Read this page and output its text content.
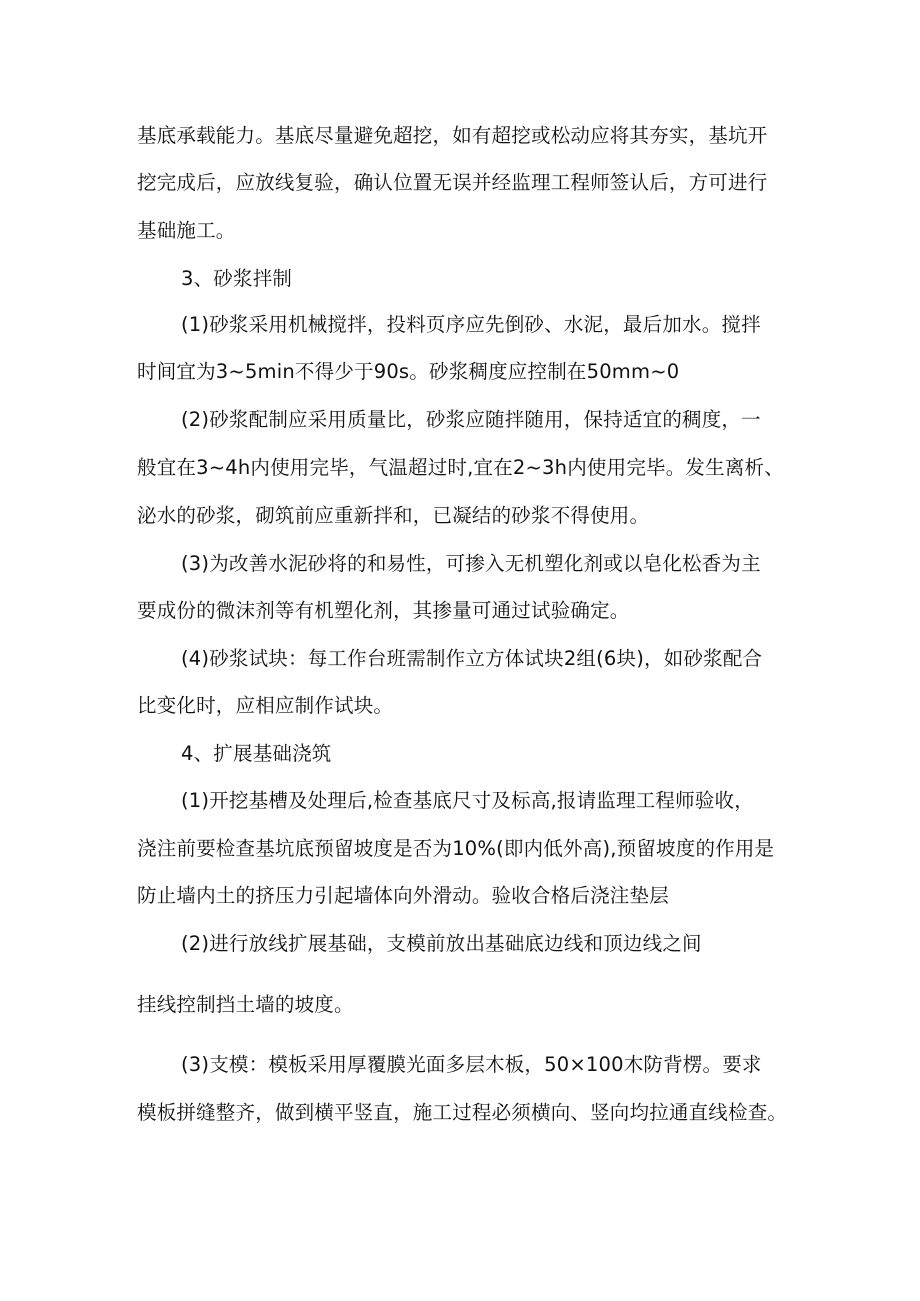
基底承载能力。基底尽量避免超挖，如有超挖或松动应将其夯实，基坑开
挖完成后，应放线复验，确认位置无误并经监理工程师签认后，方可进行
基础施工。
3、砂浆拌制
(1)砂浆采用机械搅拌，投料页序应先倒砂、水泥，最后加水。搅拌
时间宜为3~5min不得少于90s。砂浆稠度应控制在50mm~0
(2)砂浆配制应采用质量比，砂浆应随拌随用，保持适宜的稠度，一
般宜在3~4h内使用完毕，气温超过时,宜在2~3h内使用完毕。发生离析、
泌水的砂浆，砌筑前应重新拌和，已凝结的砂浆不得使用。
(3)为改善水泥砂将的和易性，可掺入无机塑化剂或以皂化松香为主
要成份的微沫剂等有机塑化剂，其掺量可通过试验确定。
(4)砂浆试块：每工作台班需制作立方体试块2组(6块)，如砂浆配合
比变化时，应相应制作试块。
4、扩展基础浇筑
(1)开挖基槽及处理后,检查基底尺寸及标高,报请监理工程师验收，
浇注前要检查基坑底预留坡度是否为10%(即内低外高),预留坡度的作用是
防止墙内土的挤压力引起墙体向外滑动。验收合格后浇注垫层
(2)进行放线扩展基础，支模前放出基础底边线和顶边线之间
挂线控制挡土墙的坡度。
(3)支模：模板采用厚覆膜光面多层木板，50×100木防背楞。要求
模板拼缝整齐，做到横平竖直，施工过程必须横向、竖向均拉通直线检查。
